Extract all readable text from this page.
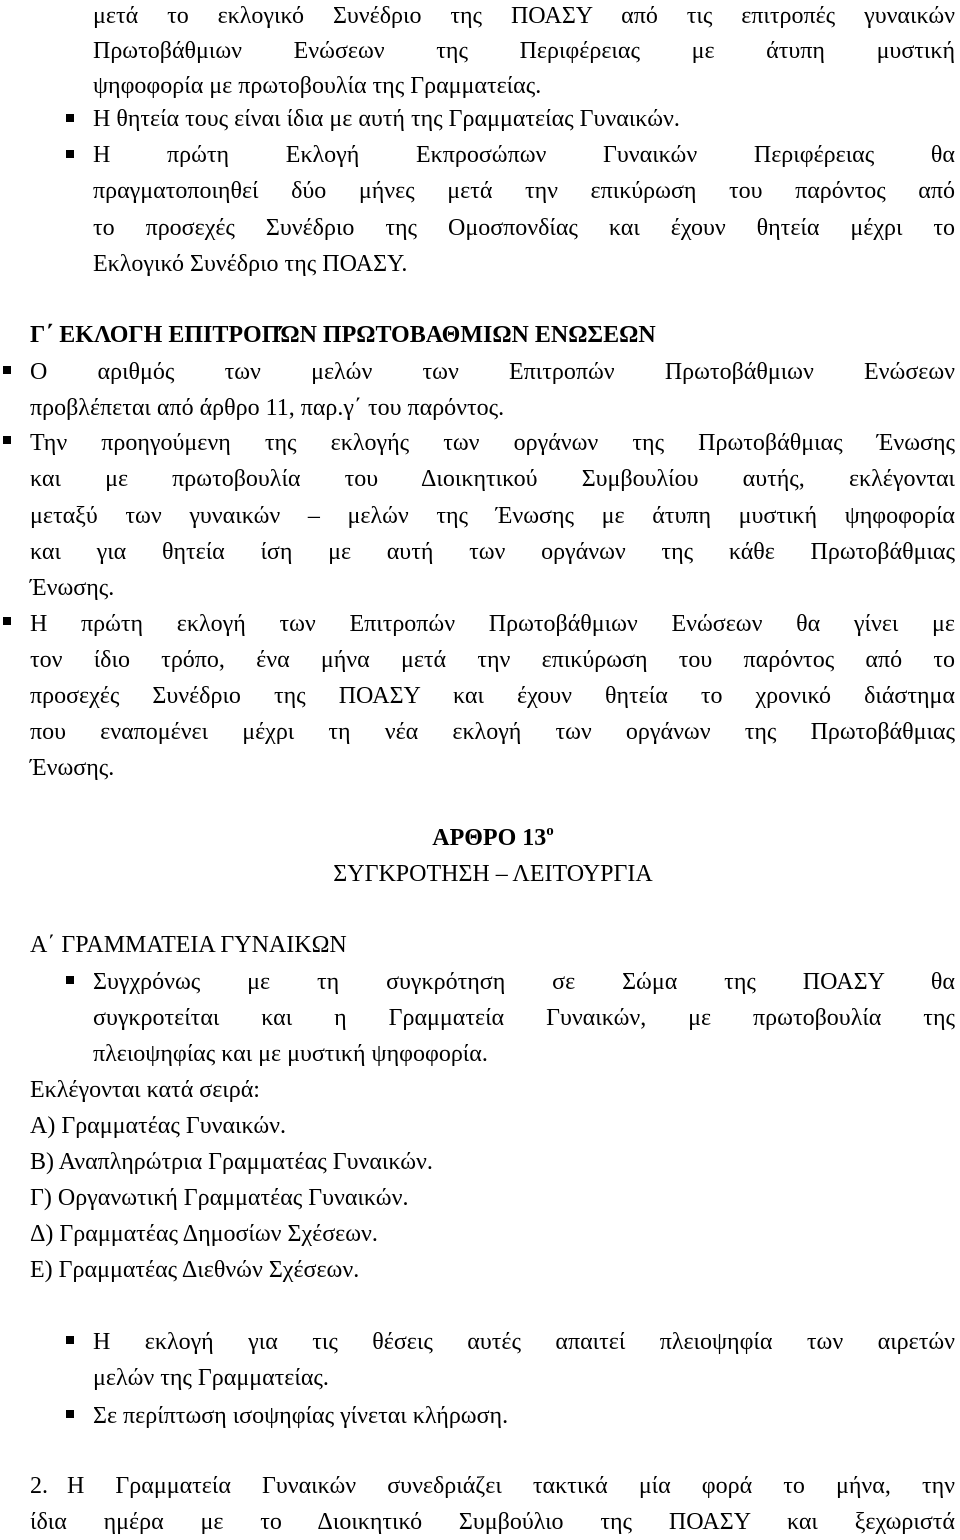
μετά το εκλογικό Συνέδριο της ΠΟΑΣΥ από τις επιτροπές γυναικών
Πρωτοβάθμιων Ενώσεων της Περιφέρειας με άτυπη μυστική
ψηφοφορία με πρωτοβουλία της Γραμματείας.
Η θητεία τους είναι ίδια με αυτή της Γραμματείας Γυναικών.
Η πρώτη Εκλογή Εκπροσώπων Γυναικών Περιφέρειας θα
πραγματοποιηθεί δύο μήνες μετά την επικύρωση του παρόντος από
το προσεχές Συνέδριο της Ομοσπονδίας και έχουν θητεία μέχρι το
Εκλογικό Συνέδριο της ΠΟΑΣΥ.
Γ΄ ΕΚΛΟΓΗ ΕΠΙΤΡΟΠΏΝ ΠΡΩΤΟΒΑΘΜΙΩΝ ΕΝΩΣΕΩΝ
Ο αριθμός των μελών των Επιτροπών Πρωτοβάθμιων Ενώσεων
προβλέπεται από άρθρο 11, παρ.γ΄ του παρόντος.
Την προηγούμενη της εκλογής των οργάνων της Πρωτοβάθμιας Ένωσης
και με πρωτοβουλία του Διοικητικού Συμβουλίου αυτής, εκλέγονται
μεταξύ των γυναικών – μελών της Ένωσης με άτυπη μυστική ψηφοφορία
και για θητεία ίση με αυτή των οργάνων της κάθε Πρωτοβάθμιας
Ένωσης.
Η πρώτη εκλογή των Επιτροπών Πρωτοβάθμιων Ενώσεων θα γίνει με
τον ίδιο τρόπο, ένα μήνα μετά την επικύρωση του παρόντος από το
προσεχές Συνέδριο της ΠΟΑΣΥ και έχουν θητεία το χρονικό διάστημα
που εναπομένει μέχρι τη νέα εκλογή των οργάνων της Πρωτοβάθμιας
Ένωσης.
ΑΡΘΡΟ $13^o$
ΣΥΓΚΡΟΤΗΣΗ – ΛΕΙΤΟΥΡΓΙΑ
Α΄ ΓΡΑΜΜΑΤΕΙΑ ΓΥΝΑΙΚΩΝ
Συγχρόνως με τη συγκρότηση σε Σώμα της ΠΟΑΣΥ θα
συγκροτείται και η Γραμματεία Γυναικών, με πρωτοβουλία της
πλειοψηφίας και με μυστική ψηφοφορία.
Εκλέγονται κατά σειρά:
Α) Γραμματέας Γυναικών.
Β) Αναπληρώτρια Γραμματέας Γυναικών.
Γ) Οργανωτική Γραμματέας Γυναικών.
Δ) Γραμματέας Δημοσίων Σχέσεων.
Ε) Γραμματέας Διεθνών Σχέσεων.
Η εκλογή για τις θέσεις αυτές απαιτεί πλειοψηφία των αιρετών
μελών της Γραμματείας.
Σε περίπτωση ισοψηφίας γίνεται κλήρωση.
2. Η Γραμματεία Γυναικών συνεδριάζει τακτικά μία φορά το μήνα, την
ίδια ημέρα με το Διοικητικό Συμβούλιο της ΠΟΑΣΥ και ξεχωριστά
